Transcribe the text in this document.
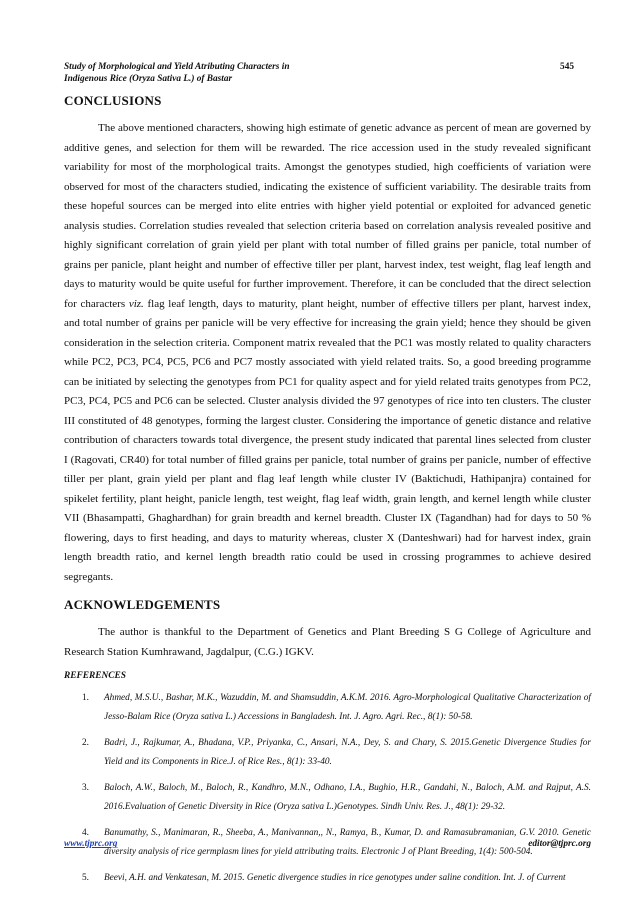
Study of Morphological and Yield Atributing Characters in
Indigenous Rice (Oryza Sativa L.) of Bastar
545
CONCLUSIONS

The above mentioned characters, showing high estimate of genetic advance as percent of mean are governed by additive genes, and selection for them will be rewarded. The rice accession used in the study revealed significant variability for most of the morphological traits. Amongst the genotypes studied, high coefficients of variation were observed for most of the characters studied, indicating the existence of sufficient variability. The desirable traits from these hopeful sources can be merged into elite entries with higher yield potential or exploited for advanced genetic analysis studies. Correlation studies revealed that selection criteria based on correlation analysis revealed positive and highly significant correlation of grain yield per plant with total number of filled grains per panicle, total number of grains per panicle, plant height and number of effective tiller per plant, harvest index, test weight, flag leaf length and days to maturity would be quite useful for further improvement. Therefore, it can be concluded that the direct selection for characters viz. flag leaf length, days to maturity, plant height, number of effective tillers per plant, harvest index, and total number of grains per panicle will be very effective for increasing the grain yield; hence they should be given consideration in the selection criteria. Component matrix revealed that the PC1 was mostly related to quality characters while PC2, PC3, PC4, PC5, PC6 and PC7 mostly associated with yield related traits. So, a good breeding programme can be initiated by selecting the genotypes from PC1 for quality aspect and for yield related traits genotypes from PC2, PC3, PC4, PC5 and PC6 can be selected. Cluster analysis divided the 97 genotypes of rice into ten clusters. The cluster III constituted of 48 genotypes, forming the largest cluster. Considering the importance of genetic distance and relative contribution of characters towards total divergence, the present study indicated that parental lines selected from cluster I (Ragovati, CR40) for total number of filled grains per panicle, total number of grains per panicle, number of effective tiller per plant, grain yield per plant and flag leaf length while cluster IV (Baktichudi, Hathipanjra) contained for spikelet fertility, plant height, panicle length, test weight, flag leaf width, grain length, and kernel length while cluster VII (Bhasampatti, Ghaghardhan) for grain breadth and kernel breadth. Cluster IX (Tagandhan) had for days to 50 % flowering, days to first heading, and days to maturity whereas, cluster X (Danteshwari) had for harvest index, grain length breadth ratio, and kernel length breadth ratio could be used in crossing programmes to achieve desired segregants.

ACKNOWLEDGEMENTS

The author is thankful to the Department of Genetics and Plant Breeding S G College of Agriculture and Research Station Kumhrawand, Jagdalpur, (C.G.) IGKV.

REFERENCES
1. Ahmed, M.S.U., Bashar, M.K., Wazuddin, M. and Shamsuddin, A.K.M. 2016. Agro-Morphological Qualitative Characterization of Jesso-Balam Rice (Oryza sativa L.) Accessions in Bangladesh. Int. J. Agro. Agri. Rec., 8(1): 50-58.
2. Badri, J., Rajkumar, A., Bhadana, V.P., Priyanka, C., Ansari, N.A., Dey, S. and Chary, S. 2015.Genetic Divergence Studies for Yield and its Components in Rice.J. of Rice Res., 8(1): 33-40.
3. Baloch, A.W., Baloch, M., Baloch, R., Kandhro, M.N., Odhano, I.A., Bughio, H.R., Gandahi, N., Baloch, A.M. and Rajput, A.S. 2016.Evaluation of Genetic Diversity in Rice (Oryza sativa L.)Genotypes. Sindh Univ. Res. J., 48(1): 29-32.
4. Banumathy, S., Manimaran, R., Sheeba, A., Manivannan,, N., Ramya, B., Kumar, D. and Ramasubramanian, G.V. 2010. Genetic diversity analysis of rice germplasm lines for yield attributing traits. Electronic J of Plant Breeding, 1(4): 500-504.
5. Beevi, A.H. and Venkatesan, M. 2015. Genetic divergence studies in rice genotypes under saline condition. Int. J. of Current
www.tjprc.org	editor@tjprc.org
